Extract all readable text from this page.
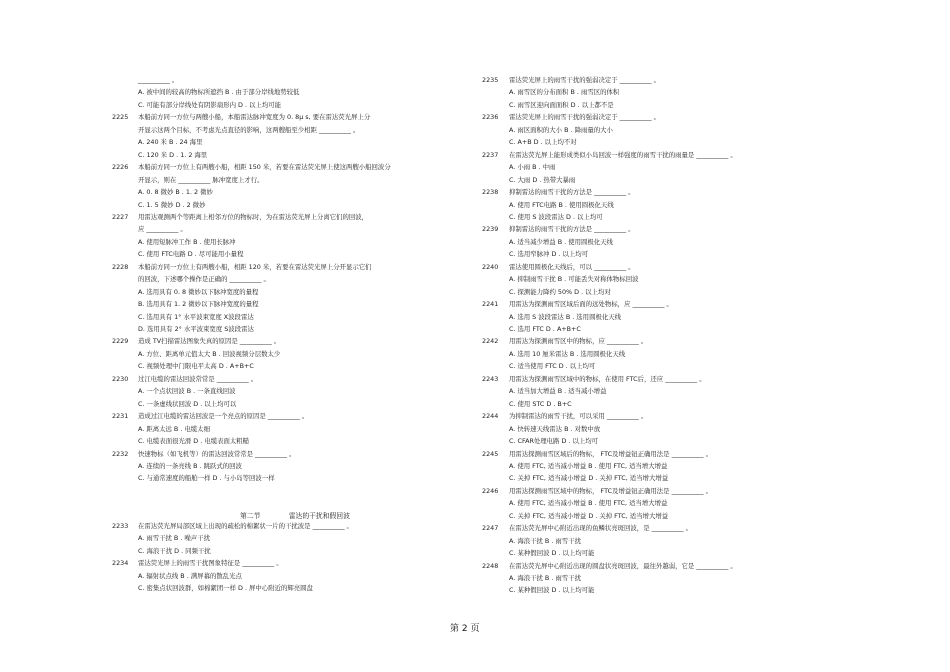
__________ 。
A. 被中间的较高的物标所遮挡 B . 由于部分岸线地势较低
C. 可能有部分岸线处有阴影扇形内 D . 以上均可能
2225 本船前方同一方位与两艘小船，本船雷达脉冲宽度为 0. 8μ s, 要在雷达荧光屏上分
开显示这两个目标，不考虑光点直径的影响，这两艘船至少相距 __________ 。
A. 240 米 B . 24 海里
C. 120 米 D . 1. 2 海里
2226 本船前方同一方位上有两艘小船，相距 150 米，若要在雷达荧光屏上使这两艘小船回波分
开显示，则在 __________ 脉冲宽度上才行。
A. 0. 8 微妙 B . 1. 2 微妙
C. 1. 5 微妙 D . 2 微妙
2227 用雷达观测两个等距离上相邻方位的物标时，为在雷达荧光屏上分离它们的回波，
应 __________ 。
A. 使用短脉冲工作 B . 使用长脉冲
C. 使用 FTC电路 D . 尽可能用小量程
2228 本船前方同一方位上有两艘小船，相距 120 米，若要在雷达荧光屏上分开显示它们
的回波，下述哪个操作是正确的 __________ 。
A. 选用具有 0. 8 微妙以下脉冲宽度的量程
B. 选用具有 1. 2 微妙以下脉冲宽度的量程
C. 选用具有 1° 水平波束宽度 X波段雷达
D. 选用具有 2° 水平波束宽度 S波段雷达
2229 造成 TV扫描雷达图象失真的原因是 __________ 。
A. 方位、距离单元值太大 B . 回波视频分层数太少
C. 视频处理中门限电平太高 D . A+B+C
2230 过江电缆的雷达回波常常是 __________ 。
A. 一个点状回波 B . 一条直线回波
C. 一条虚线状回波 D . 以上均可以
2231 造成过江电缆的雷达回波是一个亮点的原因是 __________ 。
A. 距离太远 B . 电缆太细
C. 电缆表面很光滑 D . 电缆表面太粗糙
2232 快速物标（如飞机等）的雷达回波常常是 __________ 。
A. 连续的一条亮线 B . 跳跃式的回波
C. 与通常速度的船舶一样 D . 与小岛等回波一样
2233 在雷达荧光屏局部区域上出现的疏松的棉絮状一片的干扰波是 __________ 。
A. 雨雪干扰 B . 噪声干扰
C. 海浪干扰 D . 同频干扰
2234 雷达荧光屏上的雨雪干扰图象特征是 __________ 。
A. 辐射状点线 B . 满屏幕的散乱光点
C. 密集点状回波群，如棉絮团一样 D . 屏中心附近的辉亮圆盘
第二节	雷达的干扰和假回波
2235 雷达荧光屏上的雨雪干扰的强弱决定于 __________ 。
A. 雨雪区的分布面积 B . 雨雪区的体积
C. 雨雪区迎向面面积 D . 以上都不是
2236 雷达荧光屏上的雨雪干扰的强弱决定于 __________ 。
A. 雨区面积的大小 B . 降雨量的大小
C. A+B D . 以上均不对
2237 在雷达荧光屏上能形成类似小岛回波一样强度的雨雪干扰的雨量是 __________ 。
A. 小雨 B . 中雨
C. 大雨 D . 热带大暴雨
2238 抑制雷达的雨雪干扰的方法是 __________ 。
A. 使用 FTC电路 B . 使用圆极化天线
C. 使用 S 波段雷达 D . 以上均可
2239 抑制雷达的雨雪干扰的方法是 __________ 。
A. 适当减少增益 B . 使用圆极化天线
C. 选用窄脉冲 D . 以上均可
2240 雷达使用圆极化天线后，可以 __________ 。
A. 抑制雨雪干扰 B . 可能丢失对称体物标回波
C. 探测能力降约 50% D . 以上均对
2241 用雷达为探测雨雪区域后面的远处物标，应 __________ 。
A. 选用 S 波段雷达 B . 选用圆极化天线
C. 选用 FTC D . A+B+C
2242 用雷达为探测雨雪区中的物标，应 __________ 。
A. 选用 10 厘米雷达 B . 选用圆极化天线
C. 适当使用 FTC D . 以上均可
2243 用雷达为探测雨雪区域中的物标，在使用 FTC后，还应 __________ 。
A. 适当加大增益 B . 适当减小增益
C. 使用 STC D . B+C
2244 为抑制雷达的雨雪干扰，可以采用 __________ 。
A. 快转速天线雷达 B . 对数中放
C. CFAR处理电路 D . 以上均可
2245 用雷达探测雨雪区域后的物标， FTC及增益钮正确用法是 __________ 。
A. 使用 FTC, 适当减小增益 B . 使用 FTC, 适当增大增益
C. 关掉 FTC, 适当减小增益 D . 关掉 FTC, 适当增大增益
2246 用雷达探测雨雪区域中的物标， FTC及增益钮正确用法是 __________ 。
A. 使用 FTC, 适当减小增益 B . 使用 FTC, 适当增大增益
C. 关掉 FTC, 适当减小增益 D . 关掉 FTC, 适当增大增益
2247 在雷达荧光屏中心附近出现的鱼鳞状亮斑回波，是 __________ 。
A. 海浪干扰 B . 雨雪干扰
C. 某种假回波 D . 以上均可能
2248 在雷达荧光屏中心附近出现的圆盘状亮斑回波，最往外越弱，它是 __________ 。
A. 海浪干扰 B . 雨雪干扰
C. 某种假回波 D . 以上均可能
第 2 页
